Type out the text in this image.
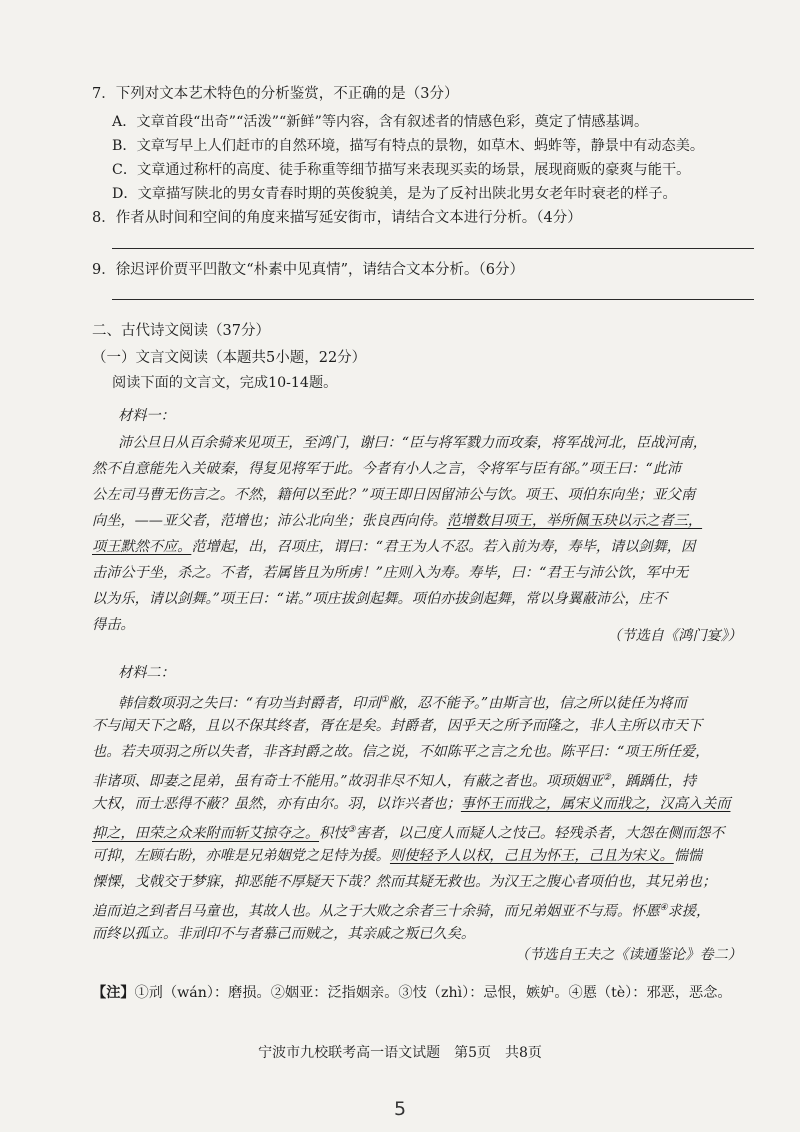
7．下列对文本艺术特色的分析鉴赏，不正确的是（3分）
A．文章首段“出奇”“活泼”“新鲜”等内容，含有叙述者的情感色彩，奠定了情感基调。
B．文章写早上人们赶市的自然环境，描写有特点的景物，如草木、蚂蚱等，静景中有动态美。
C．文章通过称杆的高度、徒手称重等细节描写来表现买卖的场景，展现商贩的豪爽与能干。
D．文章描写陕北的男女青春时期的英俊貌美，是为了反衬出陕北男女老年时衰老的样子。
8．作者从时间和空间的角度来描写延安街市，请结合文本进行分析。（4分）
9．徐迟评价贾平凹散文“朴素中见真情”，请结合文本分析。（6分）
二、古代诗文阅读（37分）
（一）文言文阅读（本题共5小题，22分）
阅读下面的文言文，完成10-14题。
材料一：
沛公旦日从百余骑来见项王，至鸿门，谢曰：“臣与将军戮力而攻秦，将军战河北，臣战河南，
然不自意能先入关破秦，得复见将军于此。今者有小人之言，令将军与臣有郤。”项王曰：“此沛
公左司马曹无伤言之。不然，籍何以至此？”项王即日因留沛公与饮。项王、项伯东向坐；亚父南
向坐，——亚父者，范增也；沛公北向坐；张良西向侍。范增数目项王，举所佩玉玦以示之者三，
项王默然不应。范增起，出，召项庄，谓曰：“君王为人不忍。若入前为寿，寿毕，请以剑舞，因
击沛公于坐，杀之。不者，若属皆且为所虏！”庄则入为寿。寿毕，曰：“君王与沛公饮，军中无
以为乐，请以剑舞。”项王曰：“诺。”项庄拔剑起舞。项伯亦拔剑起舞，常以身翼蔽沛公，庄不
得击。
（节选自《鸿门宴》）
材料二：
韩信数项羽之失曰：“有功当封爵者，印刓①敝，忍不能予。”由斯言也，信之所以徒任为将而
不与闻天下之略，且以不保其终者，胥在是矣。封爵者，因乎天之所予而隆之，非人主所以市天下
也。若夫项羽之所以失者，非吝封爵之故。信之说，不如陈平之言之允也。陈平曰：“项王所任爱，
非诸项、即妻之昆弟，虽有奇士不能用。”故羽非尽不知人，有蔽之者也。项顼姻亚②，踽踽仕，持
大权，而士恶得不蔽？虽然，亦有由尔。羽，以诈兴者也；事怀王而戕之，属宋义而戕之，汉高入关而
抑之，田荣之众来附而斩艾掠夺之。积忮③害者，以己度人而疑人之忮己。轻残杀者，大怨在侧而怨不
可抑，左顾右盼，亦唯是兄弟姻党之足恃为援。则使轻予人以权，己且为怀王，己且为宋义。惴惴
慄慄，戈戟交于梦寐，抑恶能不厚疑天下哉？然而其疑无救也。为汉王之腹心者项伯也，其兄弟也；
追而迫之到者吕马童也，其故人也。从之于大败之余者三十余骑，而兄弟姻亚不与焉。怀慝④求援，
而终以孤立。非刓印不与者慕己而贼之，其亲戚之叛已久矣。
（节选自王夫之《读通鉴论》卷二）
【注】①刓（wán）：磨损。②姻亚：泛指姻亲。③忮（zhì）：忌恨，嫉妒。④慝（tè）：邪恶，恶念。
宁波市九校联考高一语文试题　第5页　共8页
5
